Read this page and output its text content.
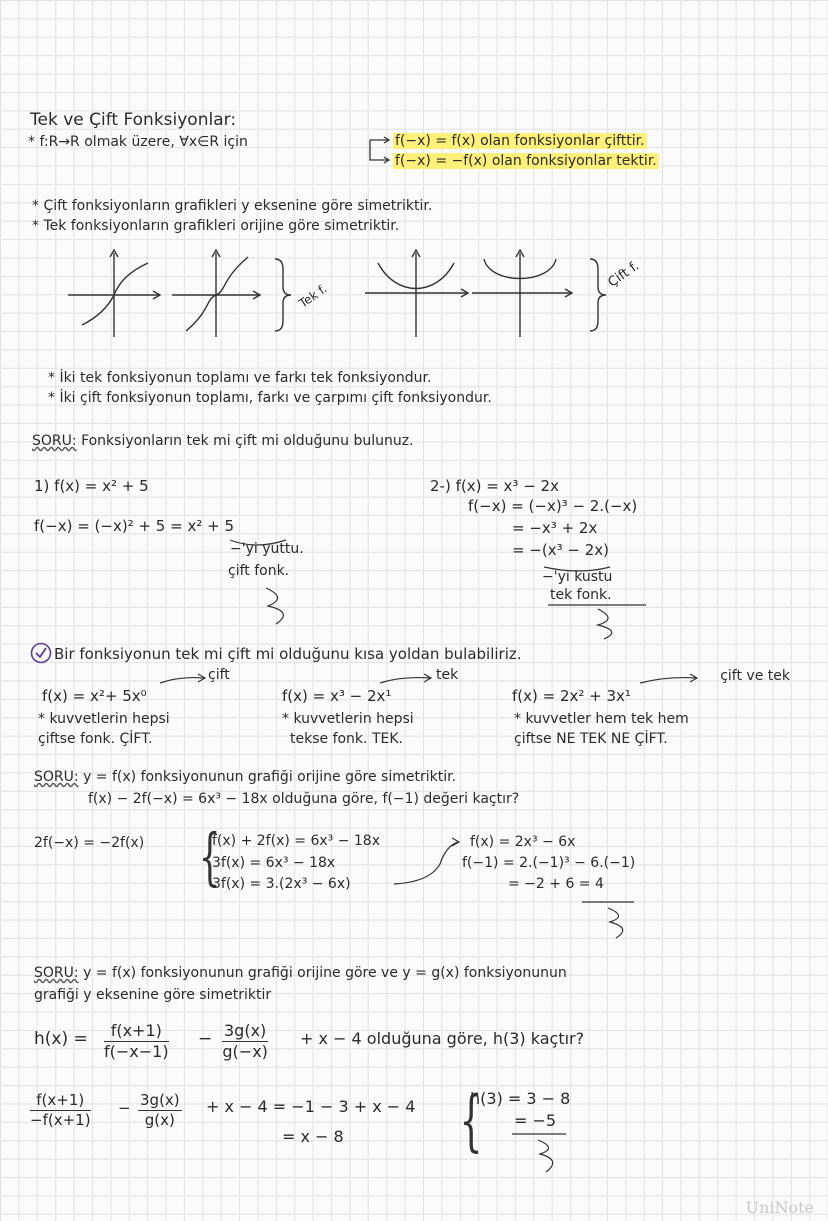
Tek ve Çift Fonksiyonlar:
* f:R→R olmak üzere, ∀x∈R için	f(−x) = f(x) olan fonksiyonlar çifttir.
f(−x) = −f(x) olan fonksiyonlar tektir.
* Çift fonksiyonların grafikleri y eksenine göre simetriktir.
* Tek fonksiyonların grafikleri orijine göre simetriktir.
Tek f.
Çift f.
* İki tek fonksiyonun toplamı ve farkı tek fonksiyondur.
* İki çift fonksiyonun toplamı, farkı ve çarpımı çift fonksiyondur.
SORU: Fonksiyonların tek mi çift mi olduğunu bulunuz.
1) f(x) = x² + 5
f(−x) = (−x)² + 5 = x² + 5
−'yi yuttu.
çift fonk.
2-) f(x) = x³ − 2x
f(−x) = (−x)³ − 2.(−x)
= −x³ + 2x
= −(x³ − 2x)
−'yi kustu
tek fonk.
Bir fonksiyonun tek mi çift mi olduğunu kısa yoldan bulabiliriz.
çift	tek	çift ve tek
f(x) = x²+ 5x⁰
* kuvvetlerin hepsi
çiftse fonk. ÇİFT.
f(x) = x³ − 2x¹
* kuvvetlerin hepsi
tekse fonk. TEK.
f(x) = 2x² + 3x¹
* kuvvetler hem tek hem
çiftse NE TEK NE ÇİFT.
SORU: y = f(x) fonksiyonunun grafiği orijine göre simetriktir.
f(x) − 2f(−x) = 6x³ − 18x olduğuna göre, f(−1) değeri kaçtır?
2f(−x) = −2f(x) {
f(x) + 2f(x) = 6x³ − 18x
3f(x) = 6x³ − 18x
3f(x) = 3.(2x³ − 6x)
f(x) = 2x³ − 6x
f(−1) = 2.(−1)³ − 6.(−1)
= −2 + 6 = 4
SORU: y = f(x) fonksiyonunun grafiği orijine göre ve y = g(x) fonksiyonunun
grafiği y eksenine göre simetriktir
$h(x) = \frac{f(x+1)}{f(-x-1)} - \frac{3g(x)}{g(-x)} + x - 4$ olduğuna göre, h(3) kaçtır?
$\frac{f(x+1)}{-f(x+1)} - \frac{3g(x)}{g(x)} + x - 4 = -1 - 3 + x - 4$
= x − 8 {
h(3) = 3 − 8
= −5
UniNote
